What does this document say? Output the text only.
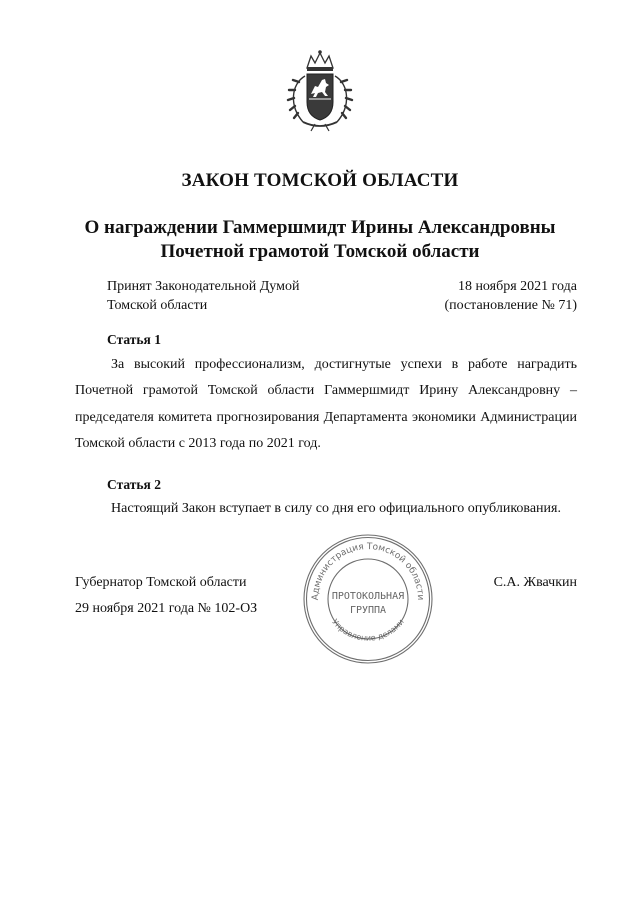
ЗАКОН ТОМСКОЙ ОБЛАСТИ
О награждении Гаммершмидт Ирины Александровны
Почетной грамотой Томской области
Принят Законодательной Думой
Томской области
18 ноября 2021 года
(постановление № 71)
Статья 1

За высокий профессионализм, достигнутые успехи в работе наградить Почетной грамотой Томской области Гаммершмидт Ирину Александровну – председателя комитета прогнозирования Департамента экономики Администрации Томской области с 2013 года по 2021 год.

Статья 2

Настоящий Закон вступает в силу со дня его официального опубликования.

Губернатор Томской области
29 ноября 2021 года № 102-ОЗ
С.А. Жвачкин
Администрация Томской области
Управление делами
ПРОТОКОЛЬНАЯ
ГРУППА
